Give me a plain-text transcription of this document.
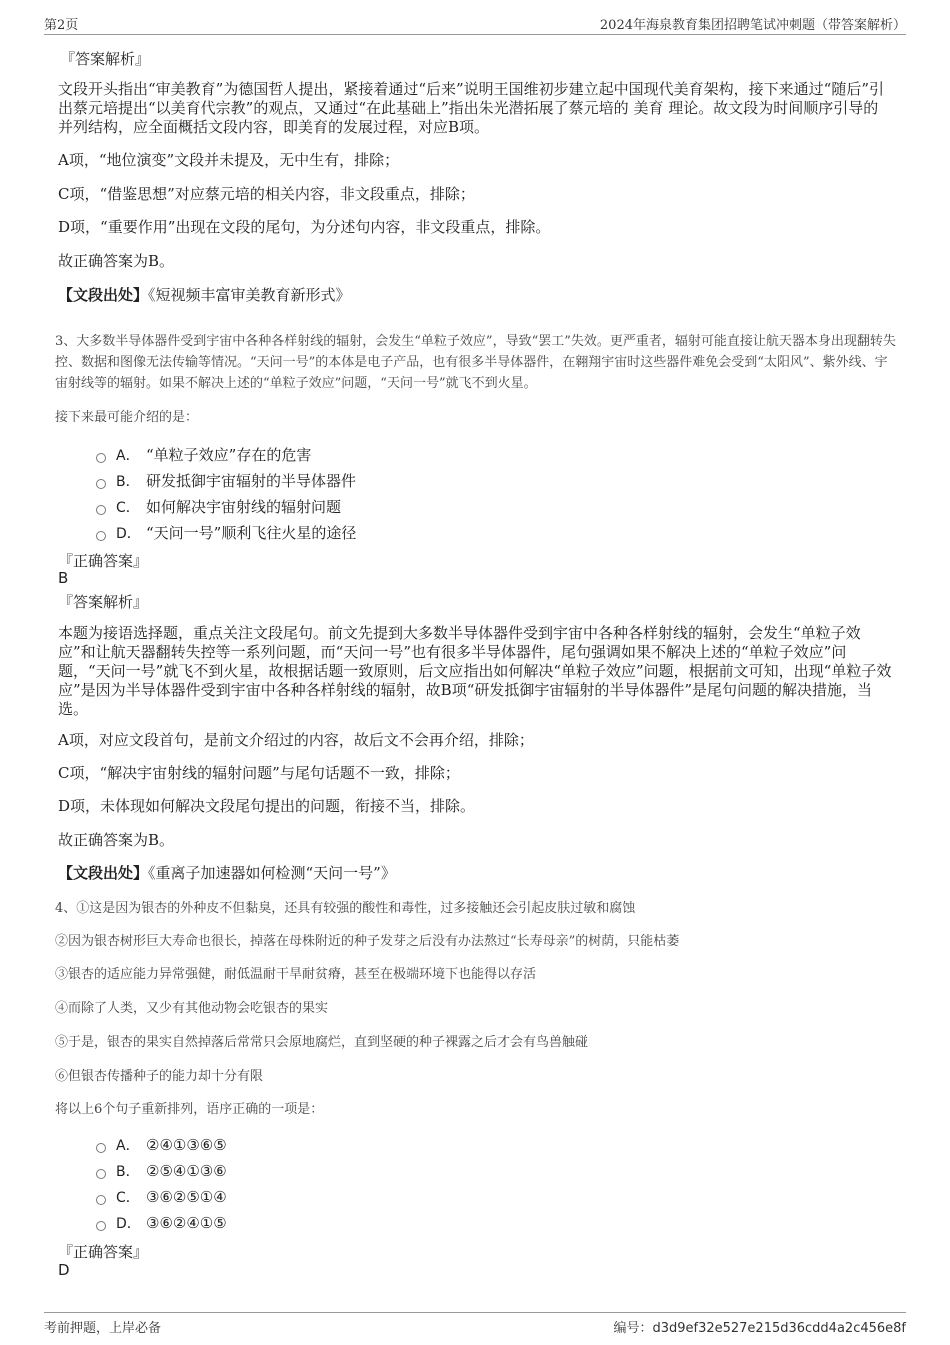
第2页	2024年海泉教育集团招聘笔试冲刺题（带答案解析）
『答案解析』
文段开头指出“审美教育”为德国哲人提出，紧接着通过“后来”说明王国维初步建立起中国现代美育架构，接下来通过“随后”引出蔡元培提出“以美育代宗教”的观点，又通过“在此基础上”指出朱光潜拓展了蔡元培的 美育 理论。故文段为时间顺序引导的并列结构，应全面概括文段内容，即美育的发展过程，对应B项。
A项，“地位演变”文段并未提及，无中生有，排除；
C项，“借鉴思想”对应蔡元培的相关内容，非文段重点，排除；
D项，“重要作用”出现在文段的尾句，为分述句内容，非文段重点，排除。
故正确答案为B。
【文段出处】《短视频丰富审美教育新形式》
3、大多数半导体器件受到宇宙中各种各样射线的辐射，会发生“单粒子效应”，导致“罢工”失效。更严重者，辐射可能直接让航天器本身出现翻转失控、数据和图像无法传输等情况。“天问一号”的本体是电子产品，也有很多半导体器件，在翱翔宇宙时这些器件难免会受到“太阳风”、紫外线、宇宙射线等的辐射。如果不解决上述的“单粒子效应”问题，“天问一号”就飞不到火星。
接下来最可能介绍的是：
A． “单粒子效应”存在的危害
B． 研发抵御宇宙辐射的半导体器件
C． 如何解决宇宙射线的辐射问题
D． “天问一号”顺利飞往火星的途径
『正确答案』
B
『答案解析』
本题为接语选择题，重点关注文段尾句。前文先提到大多数半导体器件受到宇宙中各种各样射线的辐射，会发生“单粒子效应”和让航天器翻转失控等一系列问题，而“天问一号”也有很多半导体器件，尾句强调如果不解决上述的“单粒子效应”问题，“天问一号”就飞不到火星，故根据话题一致原则，后文应指出如何解决“单粒子效应”问题，根据前文可知，出现“单粒子效应”是因为半导体器件受到宇宙中各种各样射线的辐射，故B项“研发抵御宇宙辐射的半导体器件”是尾句问题的解决措施，当选。
A项，对应文段首句，是前文介绍过的内容，故后文不会再介绍，排除；
C项，“解决宇宙射线的辐射问题”与尾句话题不一致，排除；
D项，未体现如何解决文段尾句提出的问题，衔接不当，排除。
故正确答案为B。
【文段出处】《重离子加速器如何检测“天问一号”》
4、①这是因为银杏的外种皮不但黏臭，还具有较强的酸性和毒性，过多接触还会引起皮肤过敏和腐蚀
②因为银杏树形巨大寿命也很长，掉落在母株附近的种子发芽之后没有办法熬过“长寿母亲”的树荫，只能枯萎
③银杏的适应能力异常强健，耐低温耐干旱耐贫瘠，甚至在极端环境下也能得以存活
④而除了人类，又少有其他动物会吃银杏的果实
⑤于是，银杏的果实自然掉落后常常只会原地腐烂，直到坚硬的种子裸露之后才会有鸟兽触碰
⑥但银杏传播种子的能力却十分有限
将以上6个句子重新排列，语序正确的一项是：
A． ②④①③⑥⑤
B． ②⑤④①③⑥
C． ③⑥②⑤①④
D． ③⑥②④①⑤
『正确答案』
D
考前押题，上岸必备	编号：d3d9ef32e527e215d36cdd4a2c456e8f
